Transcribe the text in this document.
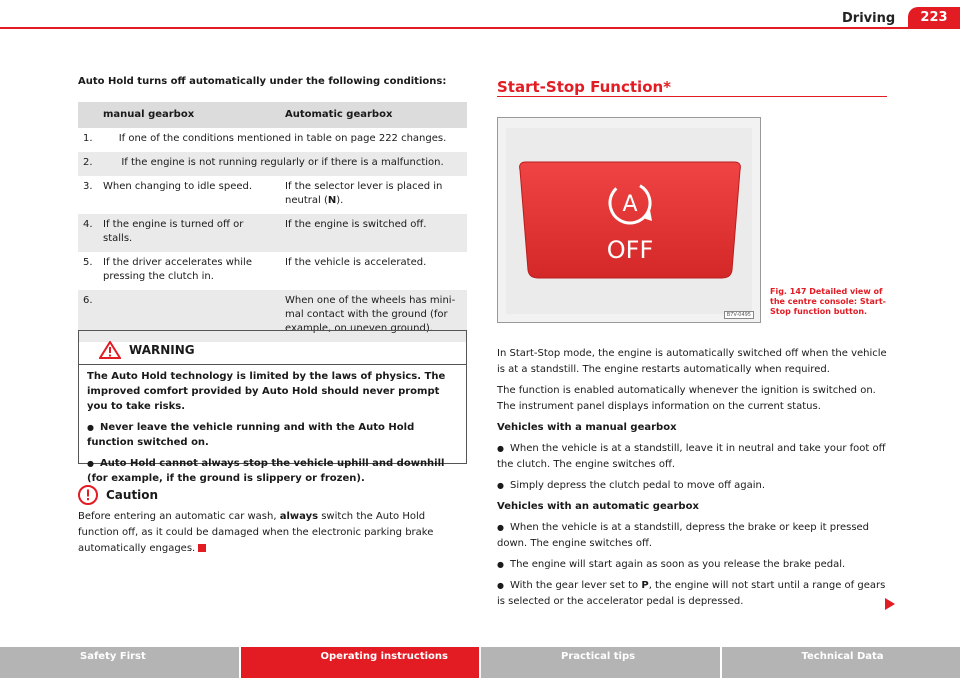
Driving	223
Auto Hold turns off automatically under the following conditions:
	manual gearbox	Automatic gearbox
1.	If one of the conditions mentioned in table on page 222 changes.	
2.	If the engine is not running regularly or if there is a malfunction.	
3.	When changing to idle speed.	If the selector lever is placed in neutral (N).
4.	If the engine is turned off or stalls.	If the engine is switched off.
5.	If the driver accelerates while pressing the clutch in.	If the vehicle is accelerated.
6.		When one of the wheels has mini-mal contact with the ground (for example, on uneven ground).
WARNING

The Auto Hold technology is limited by the laws of physics. The improved comfort provided by Auto Hold should never prompt you to take risks.

● Never leave the vehicle running and with the Auto Hold function switched on.

● Auto Hold cannot always stop the vehicle uphill and downhill (for example, if the ground is slippery or frozen).

Caution
Before entering an automatic car wash, always switch the Auto Hold function off, as it could be damaged when the electronic parking brake automatically engages.
Start-Stop Function*
A
OFF
B7V-0495
Fig. 147 Detailed view of the centre console: Start-Stop function button.

In Start-Stop mode, the engine is automatically switched off when the vehicle is at a standstill. The engine restarts automatically when required.

The function is enabled automatically whenever the ignition is switched on. The instrument panel displays information on the current status.

Vehicles with a manual gearbox

● When the vehicle is at a standstill, leave it in neutral and take your foot off the clutch. The engine switches off.

● Simply depress the clutch pedal to move off again.

Vehicles with an automatic gearbox

● When the vehicle is at a standstill, depress the brake or keep it pressed down. The engine switches off.

● The engine will start again as soon as you release the brake pedal.

● With the gear lever set to P, the engine will not start until a range of gears is selected or the accelerator pedal is depressed.

Safety First	Operating instructions	Practical tips	Technical Data
